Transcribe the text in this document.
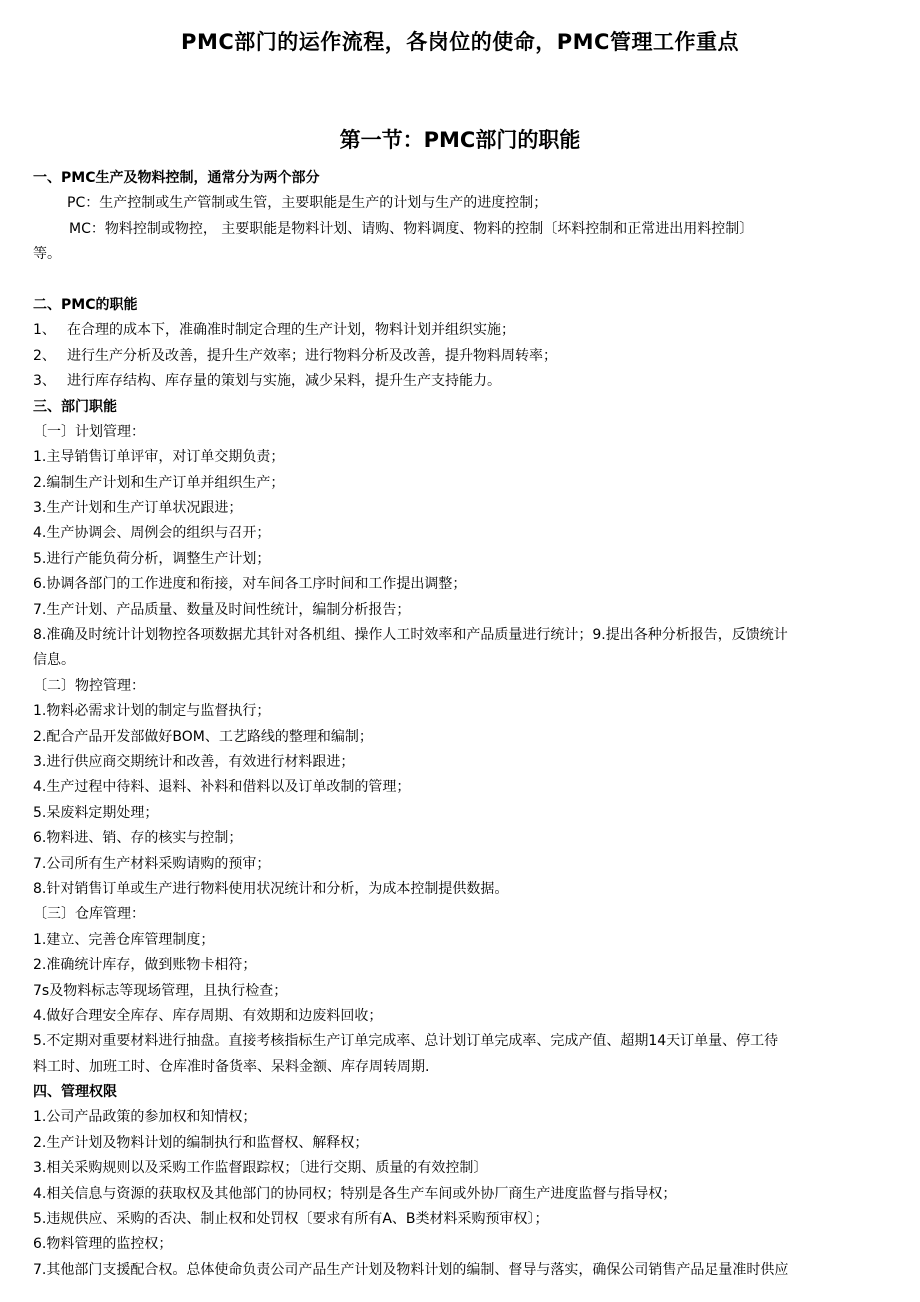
PMC部门的运作流程，各岗位的使命，PMC管理工作重点
第一节：PMC部门的职能
一、PMC生产及物料控制，通常分为两个部分
PC：生产控制或生产管制或生管，主要职能是生产的计划与生产的进度控制；
MC：物料控制或物控， 主要职能是物料计划、请购、物料调度、物料的控制〔坏料控制和正常进出用料控制〕
等。
二、PMC的职能
1、 在合理的成本下，准确准时制定合理的生产计划，物料计划并组织实施；
2、 进行生产分析及改善，提升生产效率；进行物料分析及改善，提升物料周转率；
3、 进行库存结构、库存量的策划与实施，减少呆料，提升生产支持能力。
三、部门职能
〔一〕计划管理：
1.主导销售订单评审，对订单交期负责；
2.编制生产计划和生产订单并组织生产；
3.生产计划和生产订单状况跟进；
4.生产协调会、周例会的组织与召开；
5.进行产能负荷分析，调整生产计划；
6.协调各部门的工作进度和衔接，对车间各工序时间和工作提出调整；
7.生产计划、产品质量、数量及时间性统计，编制分析报告；
8.准确及时统计计划物控各项数据尤其针对各机组、操作人工时效率和产品质量进行统计；9.提出各种分析报告，反馈统计
信息。
〔二〕物控管理：
1.物料必需求计划的制定与监督执行；
2.配合产品开发部做好BOM、工艺路线的整理和编制；
3.进行供应商交期统计和改善，有效进行材料跟进；
4.生产过程中待料、退料、补料和借料以及订单改制的管理；
5.呆废料定期处理；
6.物料进、销、存的核实与控制；
7.公司所有生产材料采购请购的预审；
8.针对销售订单或生产进行物料使用状况统计和分析，为成本控制提供数据。
〔三〕仓库管理：
1.建立、完善仓库管理制度；
2.准确统计库存，做到账物卡相符；
7s及物料标志等现场管理，且执行检查；
4.做好合理安全库存、库存周期、有效期和边废料回收；
5.不定期对重要材料进行抽盘。直接考核指标生产订单完成率、总计划订单完成率、完成产值、超期14天订单量、停工待
料工时、加班工时、仓库准时备货率、呆料金额、库存周转周期.
四、管理权限
1.公司产品政策的参加权和知情权；
2.生产计划及物料计划的编制执行和监督权、解释权；
3.相关采购规则以及采购工作监督跟踪权；〔进行交期、质量的有效控制〕
4.相关信息与资源的获取权及其他部门的协同权；特别是各生产车间或外协厂商生产进度监督与指导权；
5.违规供应、采购的否决、制止权和处罚权〔要求有所有A、B类材料采购预审权〕；
6.物料管理的监控权；
7.其他部门支援配合权。总体使命负责公司产品生产计划及物料计划的编制、督导与落实，确保公司销售产品足量准时供应
